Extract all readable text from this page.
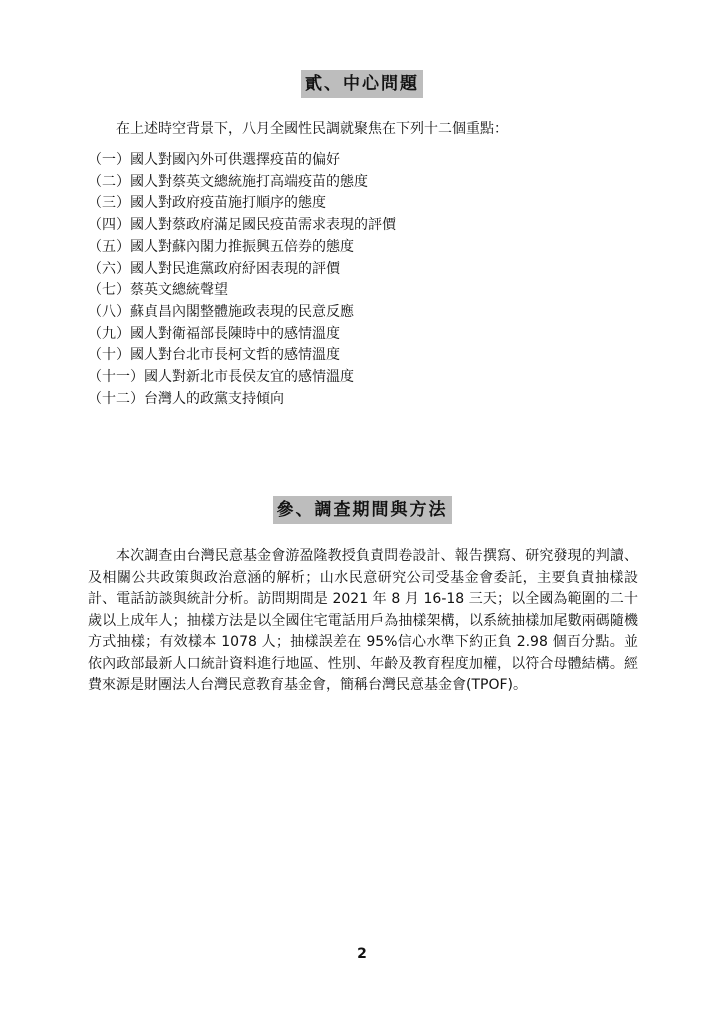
貳、中心問題
在上述時空背景下，八月全國性民調就聚焦在下列十二個重點：
（一）國人對國內外可供選擇疫苗的偏好
（二）國人對蔡英文總統施打高端疫苗的態度
（三）國人對政府疫苗施打順序的態度
（四）國人對蔡政府滿足國民疫苗需求表現的評價
（五）國人對蘇內閣力推振興五倍券的態度
（六）國人對民進黨政府紓困表現的評價
（七）蔡英文總統聲望
（八）蘇貞昌內閣整體施政表現的民意反應
（九）國人對衛福部長陳時中的感情溫度
（十）國人對台北市長柯文哲的感情溫度
（十一）國人對新北市長侯友宜的感情溫度
（十二）台灣人的政黨支持傾向
參、調查期間與方法

本次調查由台灣民意基金會游盈隆教授負責問卷設計、報告撰寫、研究發現的判讀、及相關公共政策與政治意涵的解析；山水民意研究公司受基金會委託，主要負責抽樣設計、電話訪談與統計分析。訪問期間是 2021 年 8 月 16-18 三天；以全國為範圍的二十歲以上成年人；抽樣方法是以全國住宅電話用戶為抽樣架構，以系統抽樣加尾數兩碼隨機方式抽樣；有效樣本 1078 人；抽樣誤差在 95%信心水準下約正負 2.98 個百分點。並依內政部最新人口統計資料進行地區、性別、年齡及教育程度加權，以符合母體結構。經費來源是財團法人台灣民意教育基金會，簡稱台灣民意基金會(TPOF)。

2
